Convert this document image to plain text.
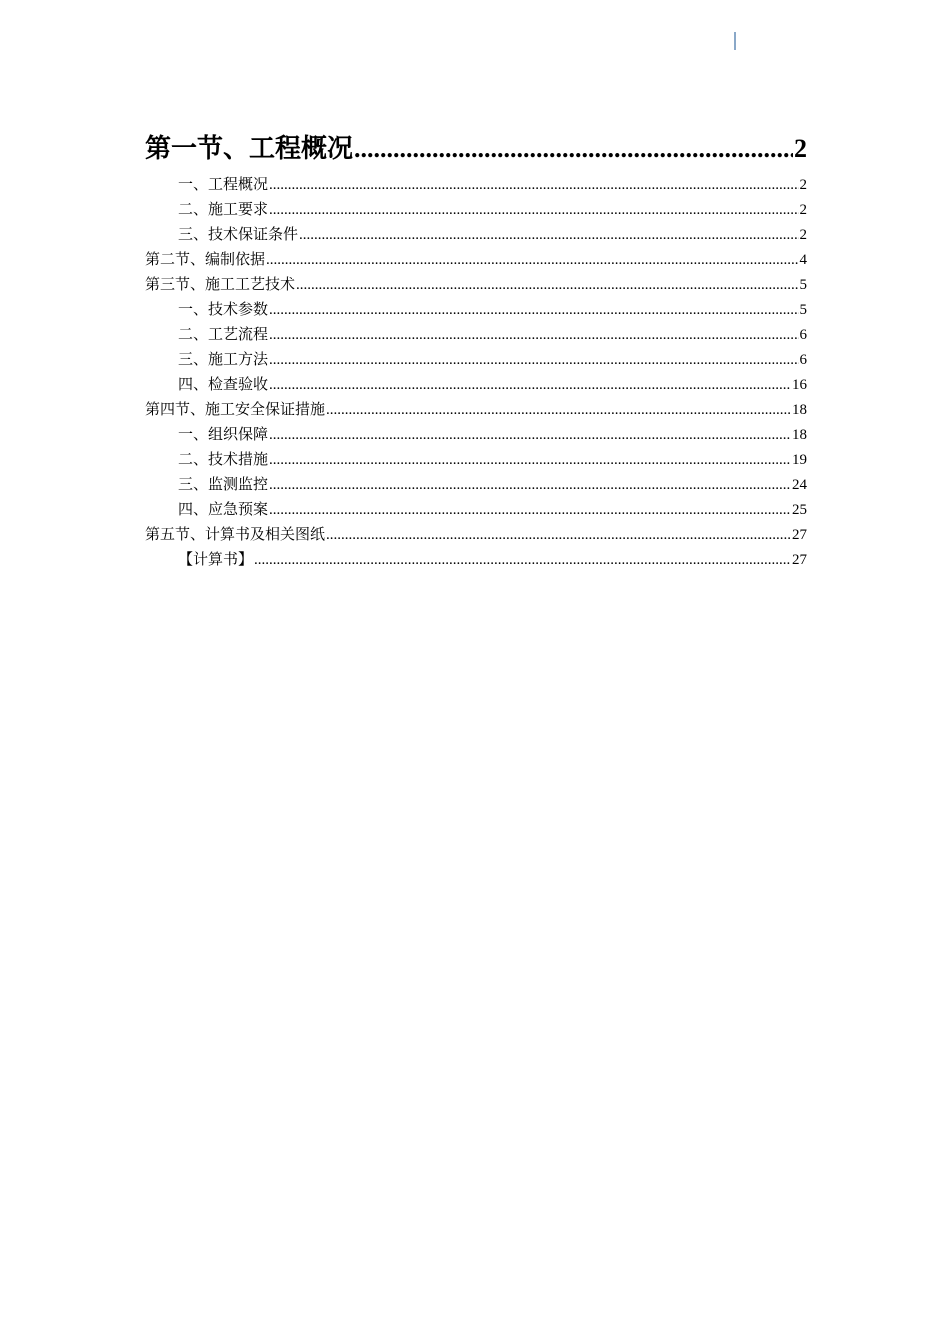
第一节、工程概况 .....	2
一、工程概况 .....	2
二、施工要求 .....	2
三、技术保证条件 .....	2
第二节、编制依据 .....	4
第三节、施工工艺技术 .....	5
一、技术参数 .....	5
二、工艺流程 .....	6
三、施工方法 .....	6
四、检查验收 .....	16
第四节、施工安全保证措施 .....	18
一、组织保障 .....	18
二、技术措施 .....	19
三、监测监控 .....	24
四、应急预案 .....	25
第五节、计算书及相关图纸 .....	27
【计算书】 .....	27
